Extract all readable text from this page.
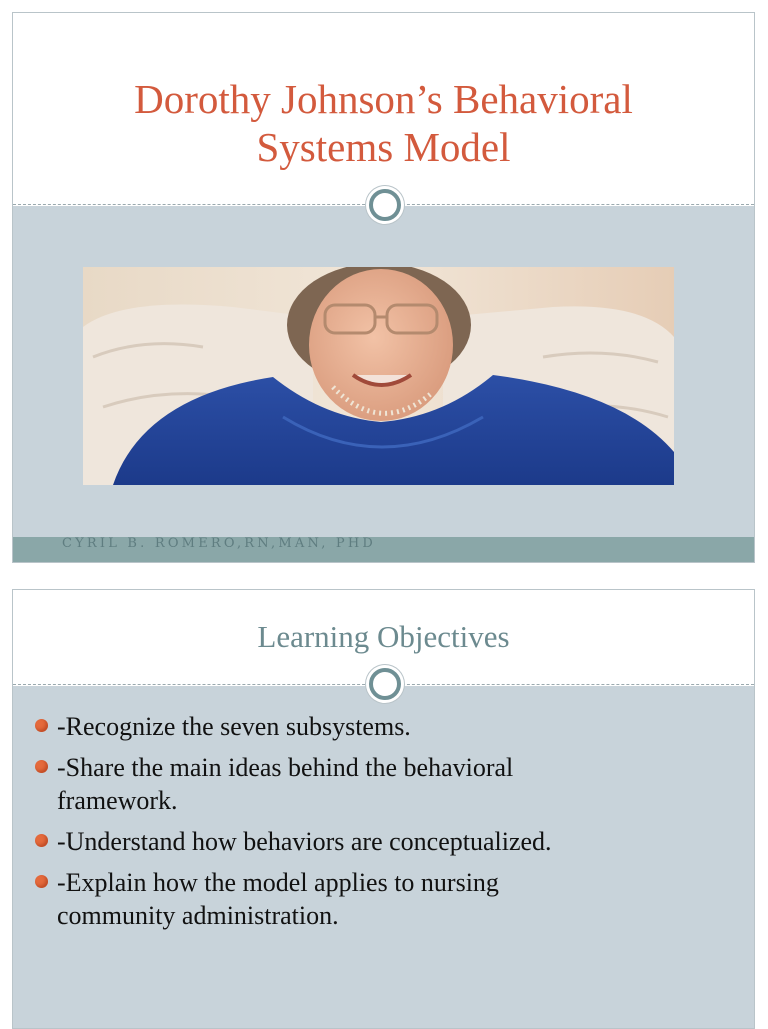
Dorothy Johnson’s Behavioral
Systems Model
CYRIL B. ROMERO,RN,MAN, PHD
Learning Objectives
-Recognize the seven subsystems.
-Share the main ideas behind the behavioral
framework.
-Understand how behaviors are conceptualized.
-Explain how the model applies to nursing
community administration.
